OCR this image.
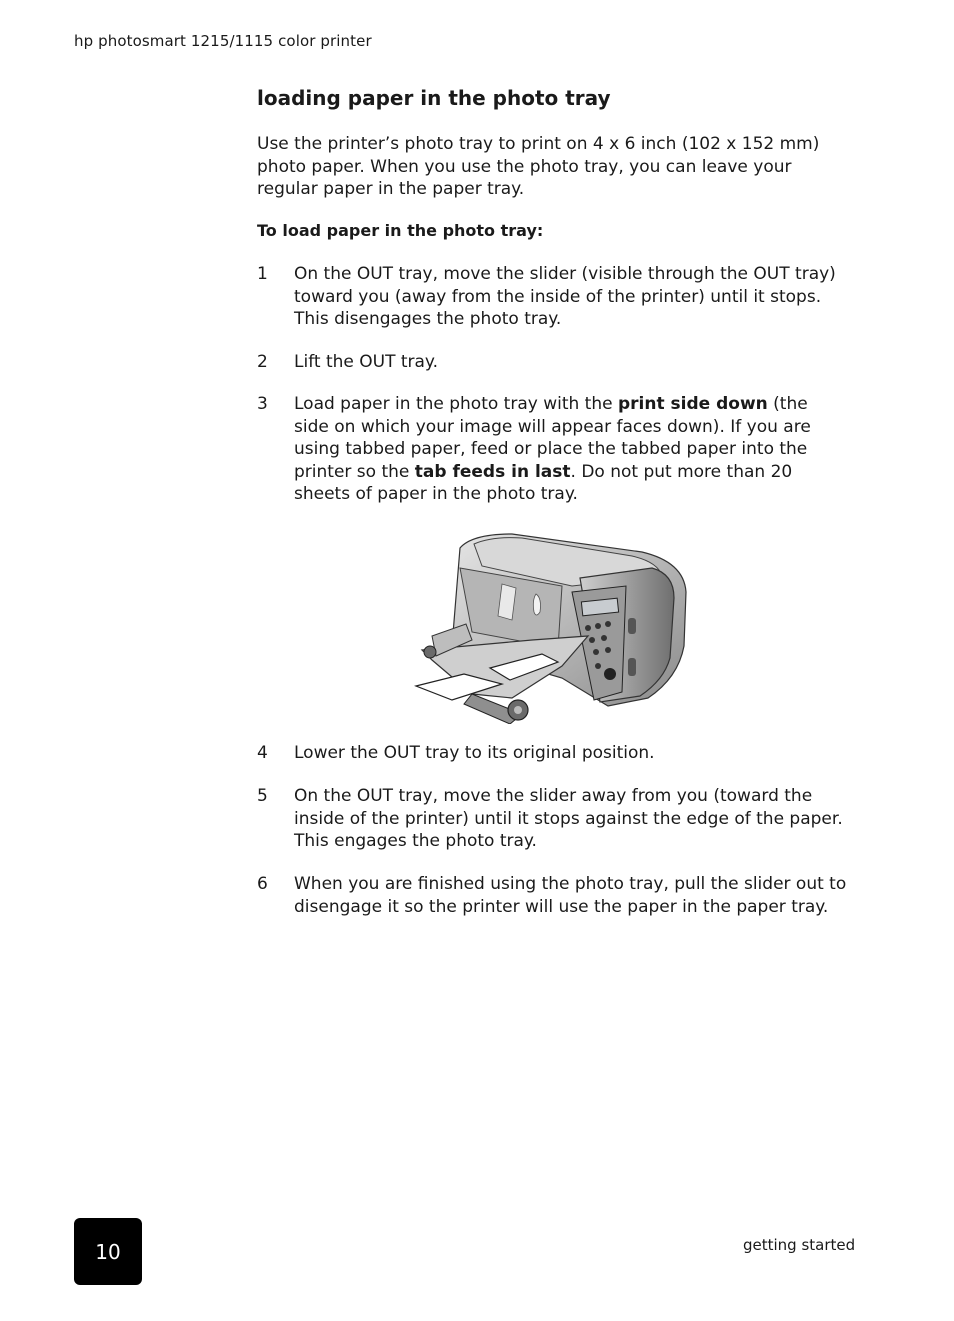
hp photosmart 1215/1115 color printer
loading paper in the photo tray

Use the printer’s photo tray to print on 4 x 6 inch (102 x 152 mm) photo paper. When you use the photo tray, you can leave your regular paper in the paper tray.

To load paper in the photo tray:
1 On the OUT tray, move the slider (visible through the OUT tray) toward you (away from the inside of the printer) until it stops. This disengages the photo tray.
2 Lift the OUT tray.
3 Load paper in the photo tray with the print side down (the side on which your image will appear faces down). If you are using tabbed paper, feed or place the tabbed paper into the printer so the tab feeds in last. Do not put more than 20 sheets of paper in the photo tray.
4 Lower the OUT tray to its original position.
5 On the OUT tray, move the slider away from you (toward the inside of the printer) until it stops against the edge of the paper. This engages the photo tray.
6 When you are finished using the photo tray, pull the slider out to disengage it so the printer will use the paper in the paper tray.
10	getting started
